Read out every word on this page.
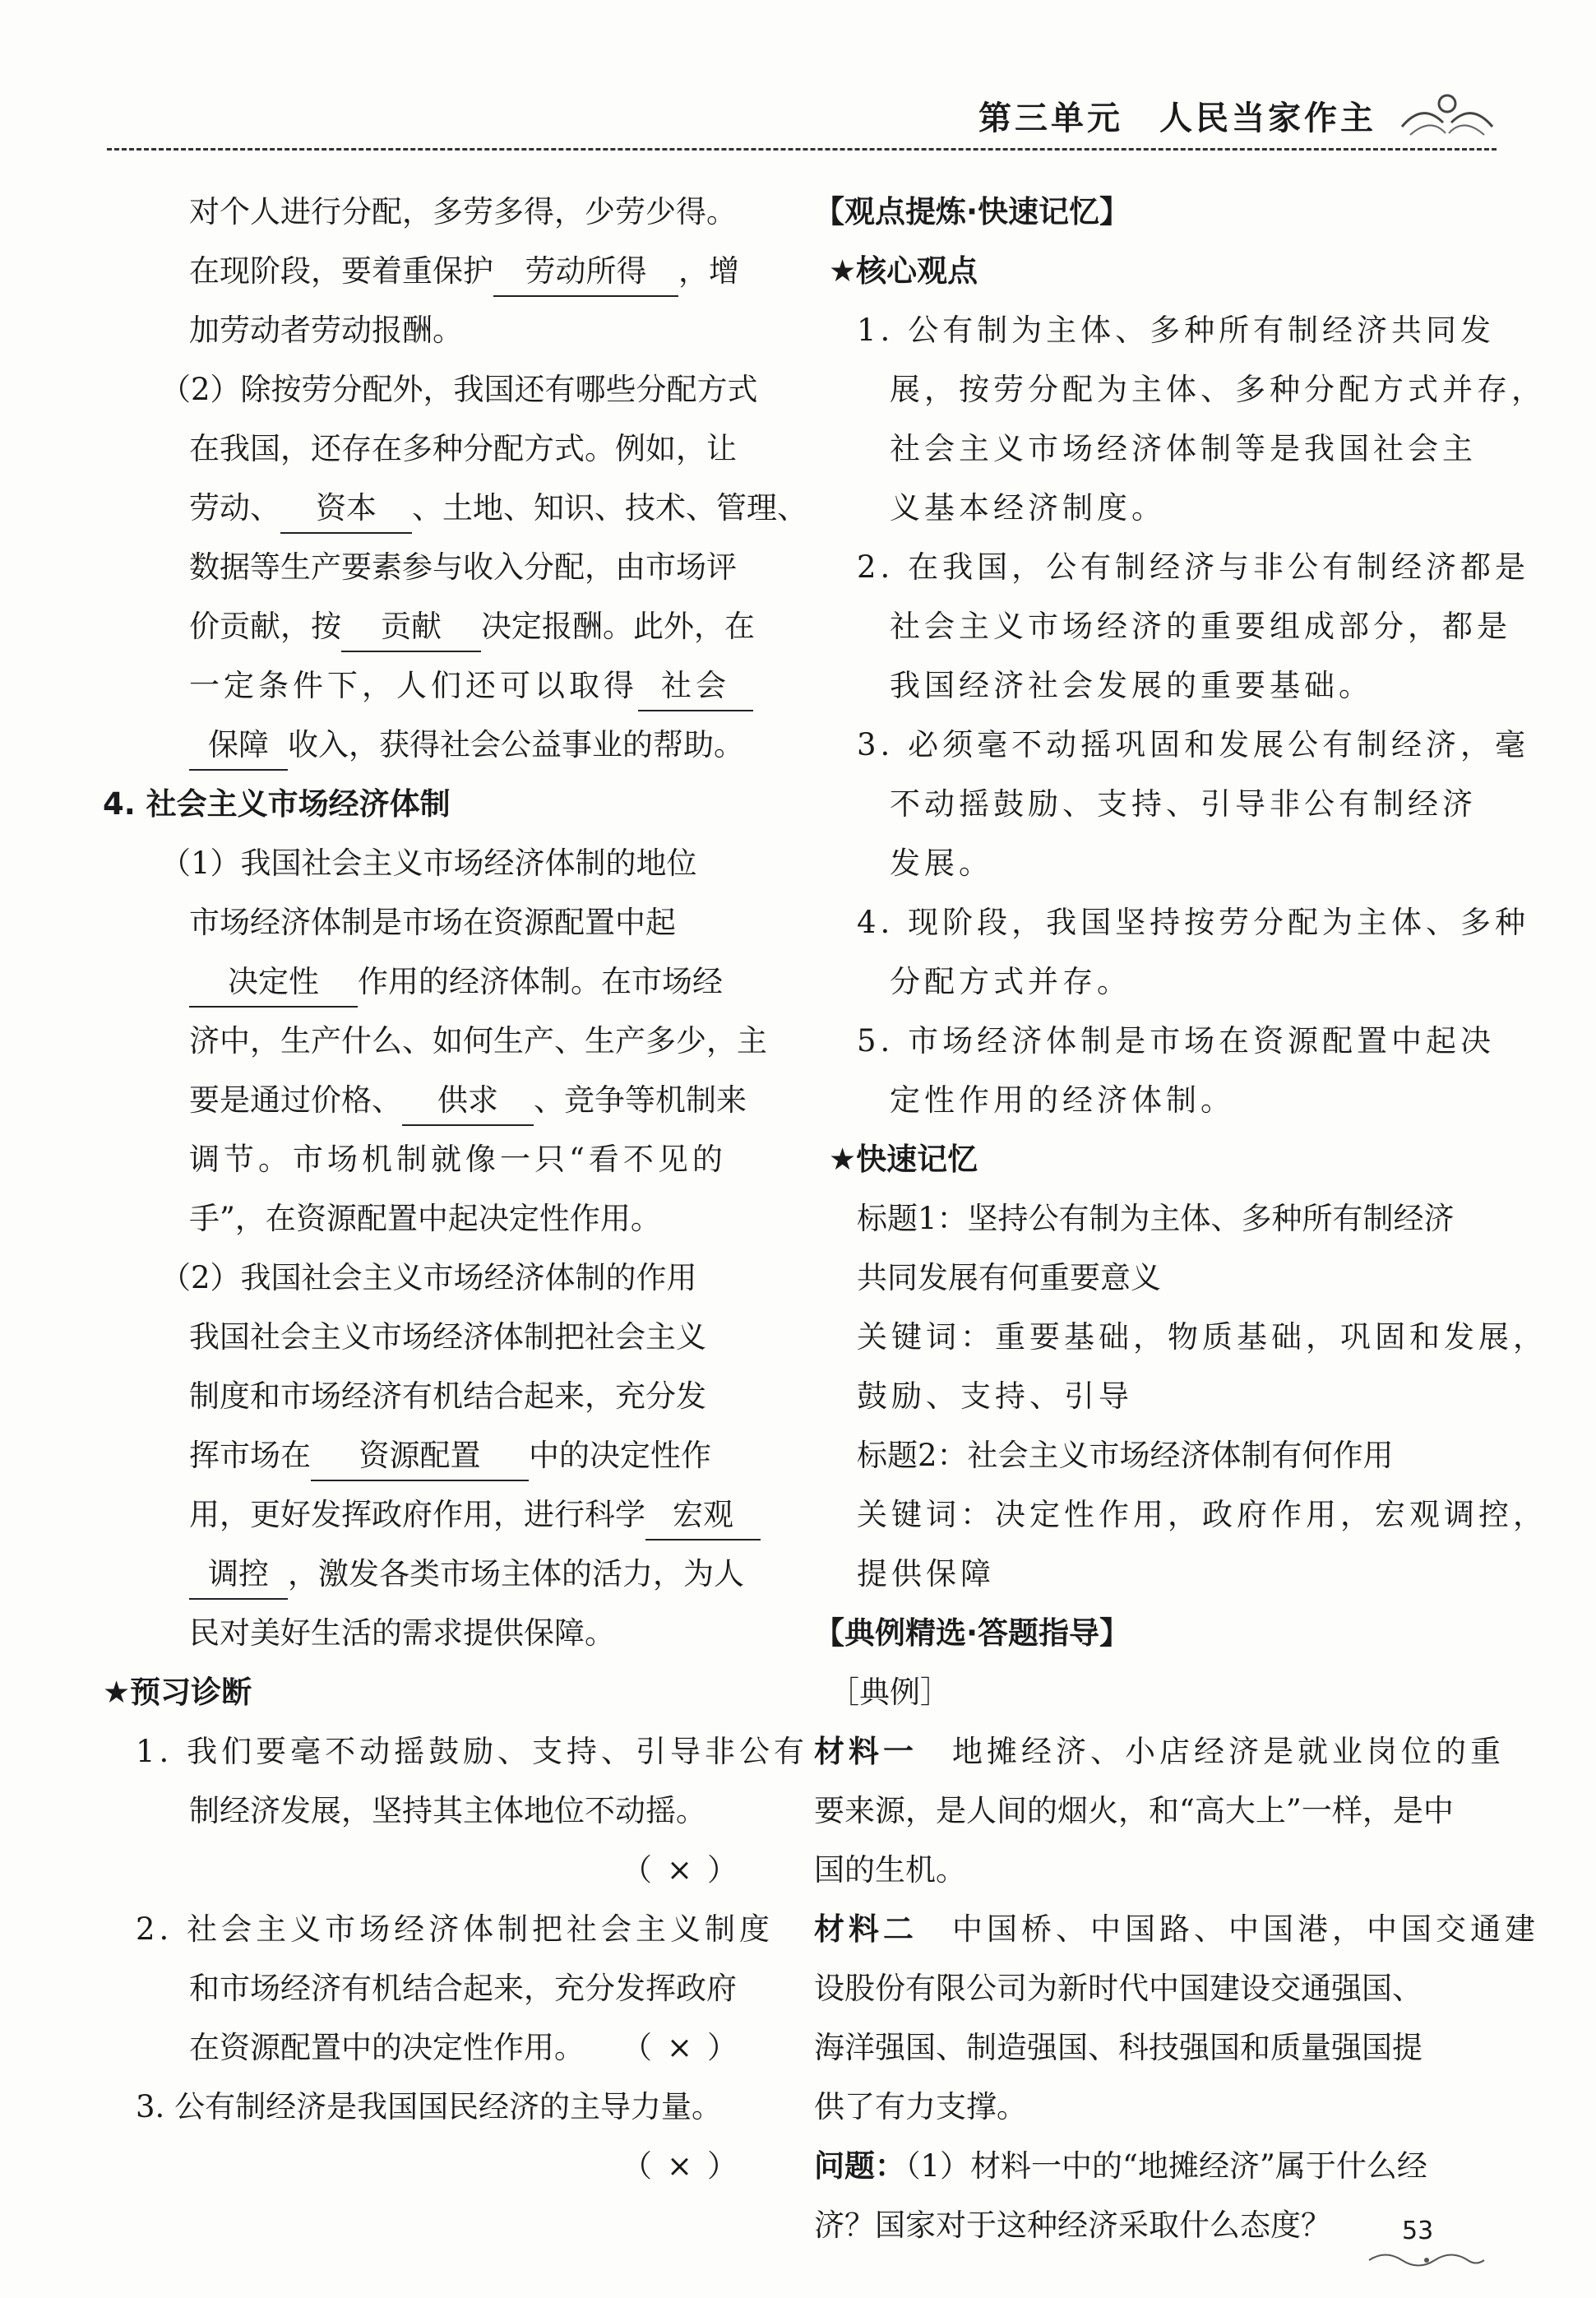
第三单元　人民当家作主
对个人进行分配，多劳多得，少劳少得。
在现阶段，要着重保护 劳动所得 ，增
加劳动者劳动报酬。
（2）除按劳分配外，我国还有哪些分配方式
在我国，还存在多种分配方式。例如，让
劳动、 资本 、土地、知识、技术、管理、
数据等生产要素参与收入分配，由市场评
价贡献，按 贡献 决定报酬。此外，在
一定条件下，人们还可以取得 社会
保障 收入，获得社会公益事业的帮助。
4. 社会主义市场经济体制
（1）我国社会主义市场经济体制的地位
市场经济体制是市场在资源配置中起
决定性 作用的经济体制。在市场经
济中，生产什么、如何生产、生产多少，主
要是通过价格、 供求 、竞争等机制来
调节。市场机制就像一只“看不见的
手”，在资源配置中起决定性作用。
（2）我国社会主义市场经济体制的作用
我国社会主义市场经济体制把社会主义
制度和市场经济有机结合起来，充分发
挥市场在 资源配置 中的决定性作
用，更好发挥政府作用，进行科学 宏观
调控 ，激发各类市场主体的活力，为人
民对美好生活的需求提供保障。
★预习诊断
1. 我们要毫不动摇鼓励、支持、引导非公有
制经济发展，坚持其主体地位不动摇。
（×）
2. 社会主义市场经济体制把社会主义制度
和市场经济有机结合起来，充分发挥政府
在资源配置中的决定性作用。 （×）
3. 公有制经济是我国国民经济的主导力量。
（×）
【观点提炼·快速记忆】
★核心观点
1. 公有制为主体、多种所有制经济共同发
展，按劳分配为主体、多种分配方式并存，
社会主义市场经济体制等是我国社会主
义基本经济制度。
2. 在我国，公有制经济与非公有制经济都是
社会主义市场经济的重要组成部分，都是
我国经济社会发展的重要基础。
3. 必须毫不动摇巩固和发展公有制经济，毫
不动摇鼓励、支持、引导非公有制经济
发展。
4. 现阶段，我国坚持按劳分配为主体、多种
分配方式并存。
5. 市场经济体制是市场在资源配置中起决
定性作用的经济体制。
★快速记忆
标题1：坚持公有制为主体、多种所有制经济
共同发展有何重要意义
关键词：重要基础，物质基础，巩固和发展，
鼓励、支持、引导
标题2：社会主义市场经济体制有何作用
关键词：决定性作用，政府作用，宏观调控，
提供保障
【典例精选·答题指导】
［典例］
材料一　地摊经济、小店经济是就业岗位的重
要来源，是人间的烟火，和“高大上”一样，是中
国的生机。
材料二　中国桥、中国路、中国港，中国交通建
设股份有限公司为新时代中国建设交通强国、
海洋强国、制造强国、科技强国和质量强国提
供了有力支撑。
问题：（1）材料一中的“地摊经济”属于什么经
济？国家对于这种经济采取什么态度？	53
